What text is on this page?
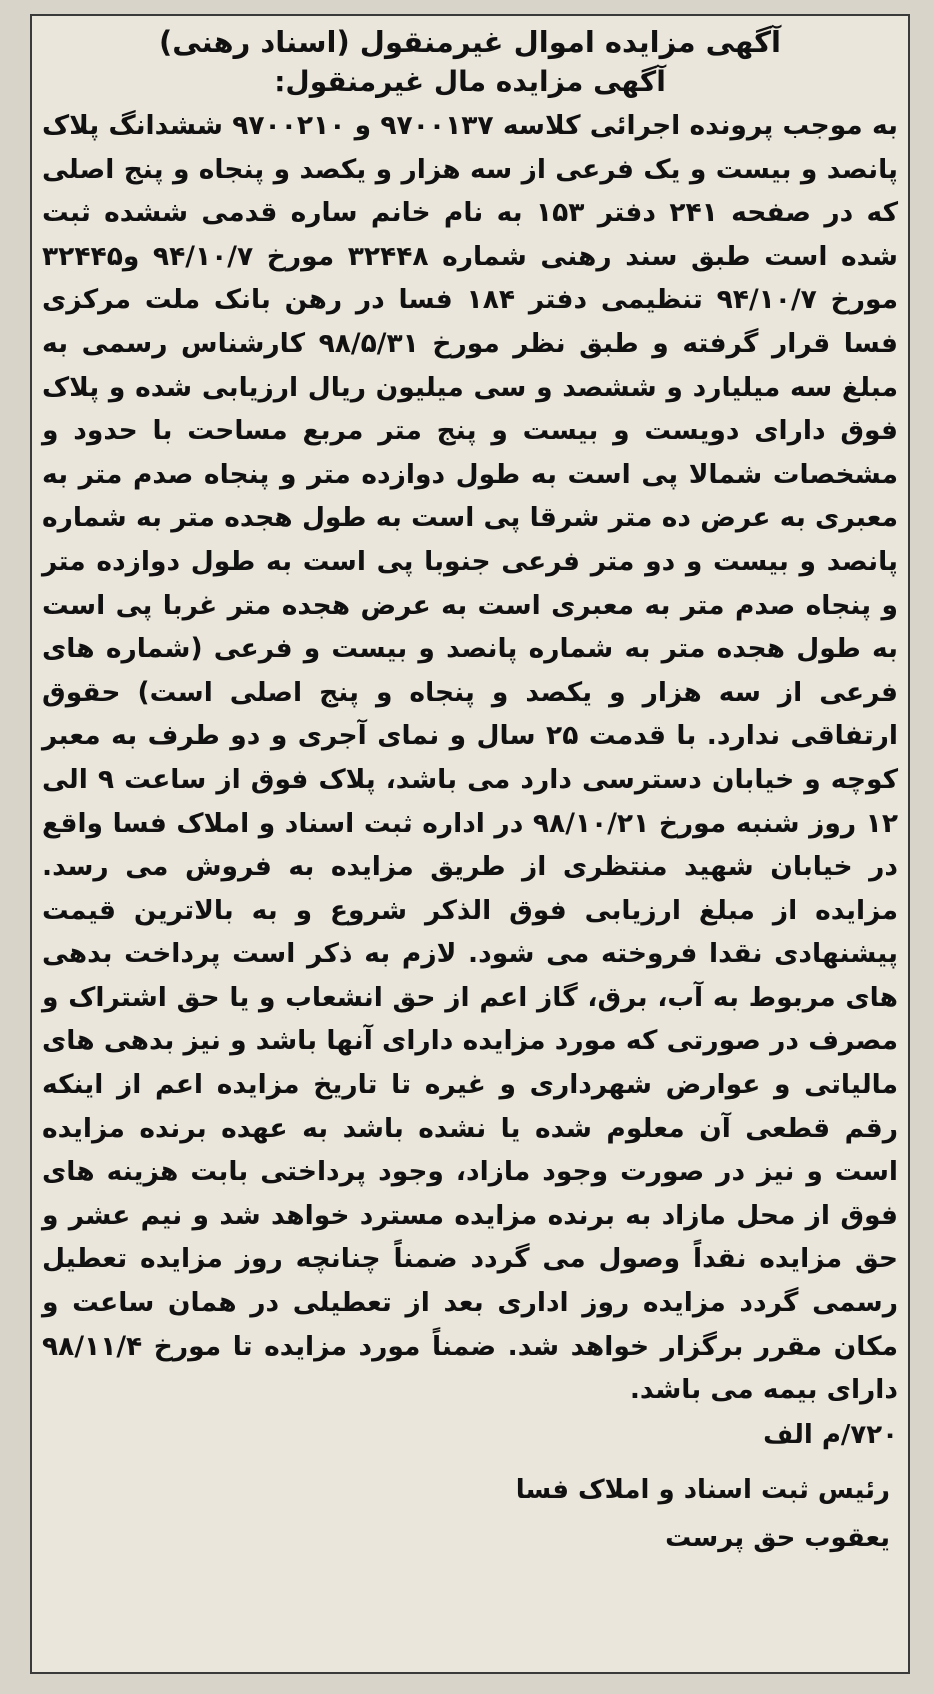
آگهی مزایده اموال غیرمنقول (اسناد رهنی)
آگهی مزایده مال غیرمنقول:
به موجب پرونده اجرائی کلاسه ۹۷۰۰۱۳۷ و ۹۷۰۰۲۱۰ ششدانگ پلاک پانصد و بیست و یک فرعی از سه هزار و یکصد و پنجاه و پنج اصلی که در صفحه ۲۴۱ دفتر ۱۵۳ به نام خانم ساره قدمی ششده ثبت شده است طبق سند رهنی شماره ۳۲۴۴۸ مورخ ۹۴/۱۰/۷ و۳۲۴۴۵ مورخ ۹۴/۱۰/۷ تنظیمی دفتر ۱۸۴ فسا در رهن بانک ملت مرکزی فسا قرار گرفته و طبق نظر مورخ ۹۸/۵/۳۱ کارشناس رسمی به مبلغ سه میلیارد و ششصد و سی میلیون ریال ارزیابی شده و پلاک فوق دارای دویست و بیست و پنج متر مربع مساحت با حدود و مشخصات شمالا پی است به طول دوازده متر و پنجاه صدم متر به معبری به عرض ده متر شرقا پی است به طول هجده متر به شماره پانصد و بیست و دو متر فرعی جنوبا پی است به طول دوازده متر و پنجاه صدم متر به معبری است به عرض هجده متر غربا پی است به طول هجده متر به شماره پانصد و بیست و فرعی (شماره های فرعی از سه هزار و یکصد و پنجاه و پنج اصلی است) حقوق ارتفاقی ندارد. با قدمت ۲۵ سال و نمای آجری و دو طرف به معبر کوچه و خیابان دسترسی دارد می باشد، پلاک فوق از ساعت ۹ الی ۱۲ روز شنبه مورخ ۹۸/۱۰/۲۱ در اداره ثبت اسناد و املاک فسا واقع در خیابان شهید منتظری از طریق مزایده به فروش می رسد. مزایده از مبلغ ارزیابی فوق الذکر شروع و به بالاترین قیمت پیشنهادی نقدا فروخته می شود. لازم به ذکر است پرداخت بدهی های مربوط به آب، برق، گاز اعم از حق انشعاب و یا حق اشتراک و مصرف در صورتی که مورد مزایده دارای آنها باشد و نیز بدهی های مالیاتی و عوارض شهرداری و غیره تا تاریخ مزایده اعم از اینکه رقم قطعی آن معلوم شده یا نشده باشد به عهده برنده مزایده است و نیز در صورت وجود مازاد، وجود پرداختی بابت هزینه های فوق از محل مازاد به برنده مزایده مسترد خواهد شد و نیم عشر و حق مزایده نقداً وصول می گردد ضمناً چنانچه روز مزایده تعطیل رسمی گردد مزایده روز اداری بعد از تعطیلی در همان ساعت و مکان مقرر برگزار خواهد شد. ضمناً مورد مزایده تا مورخ ۹۸/۱۱/۴ دارای بیمه می باشد.
۷۲۰/م الف
رئیس ثبت اسناد و املاک فسا
یعقوب حق پرست
